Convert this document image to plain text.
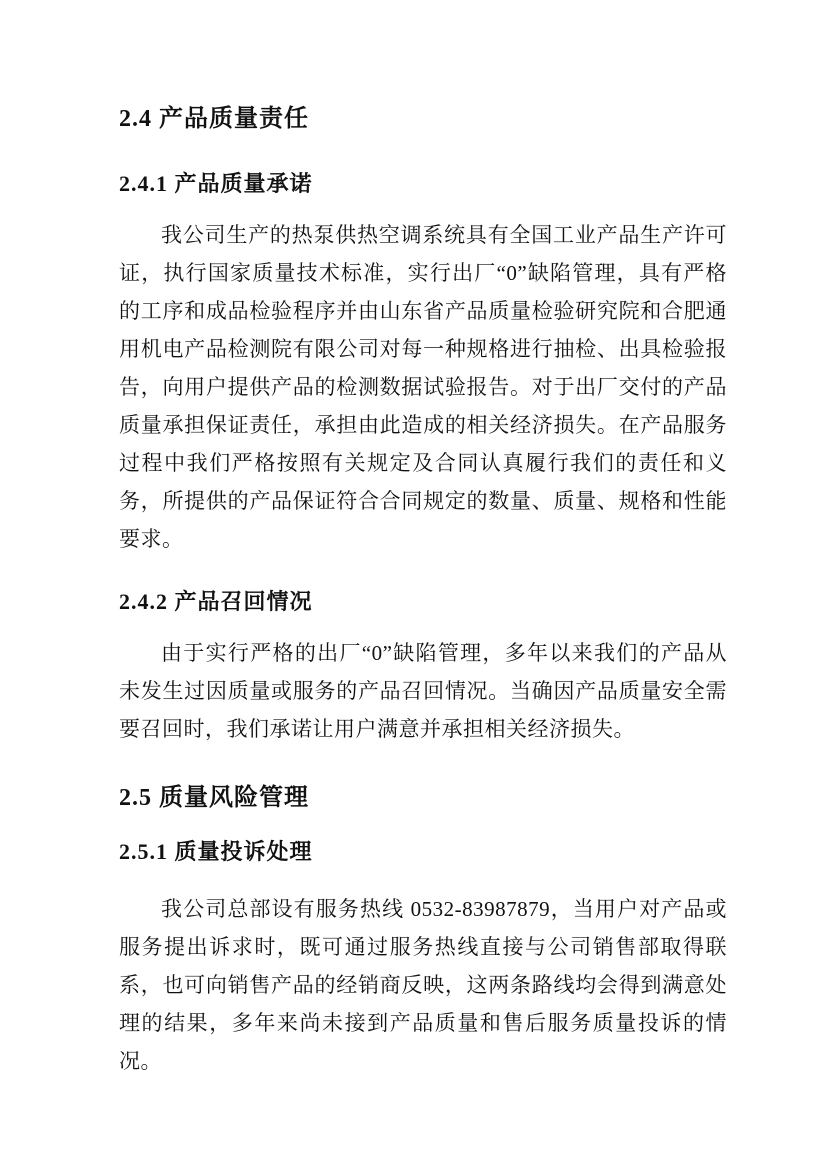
2.4 产品质量责任
2.4.1 产品质量承诺

我公司生产的热泵供热空调系统具有全国工业产品生产许可证，执行国家质量技术标准，实行出厂“0”缺陷管理，具有严格的工序和成品检验程序并由山东省产品质量检验研究院和合肥通用机电产品检测院有限公司对每一种规格进行抽检、出具检验报告，向用户提供产品的检测数据试验报告。对于出厂交付的产品质量承担保证责任，承担由此造成的相关经济损失。在产品服务过程中我们严格按照有关规定及合同认真履行我们的责任和义务，所提供的产品保证符合合同规定的数量、质量、规格和性能要求。

2.4.2 产品召回情况

由于实行严格的出厂“0”缺陷管理，多年以来我们的产品从未发生过因质量或服务的产品召回情况。当确因产品质量安全需要召回时，我们承诺让用户满意并承担相关经济损失。

2.5 质量风险管理
2.5.1 质量投诉处理

我公司总部设有服务热线 0532-83987879，当用户对产品或服务提出诉求时，既可通过服务热线直接与公司销售部取得联系，也可向销售产品的经销商反映，这两条路线均会得到满意处理的结果，多年来尚未接到产品质量和售后服务质量投诉的情况。
